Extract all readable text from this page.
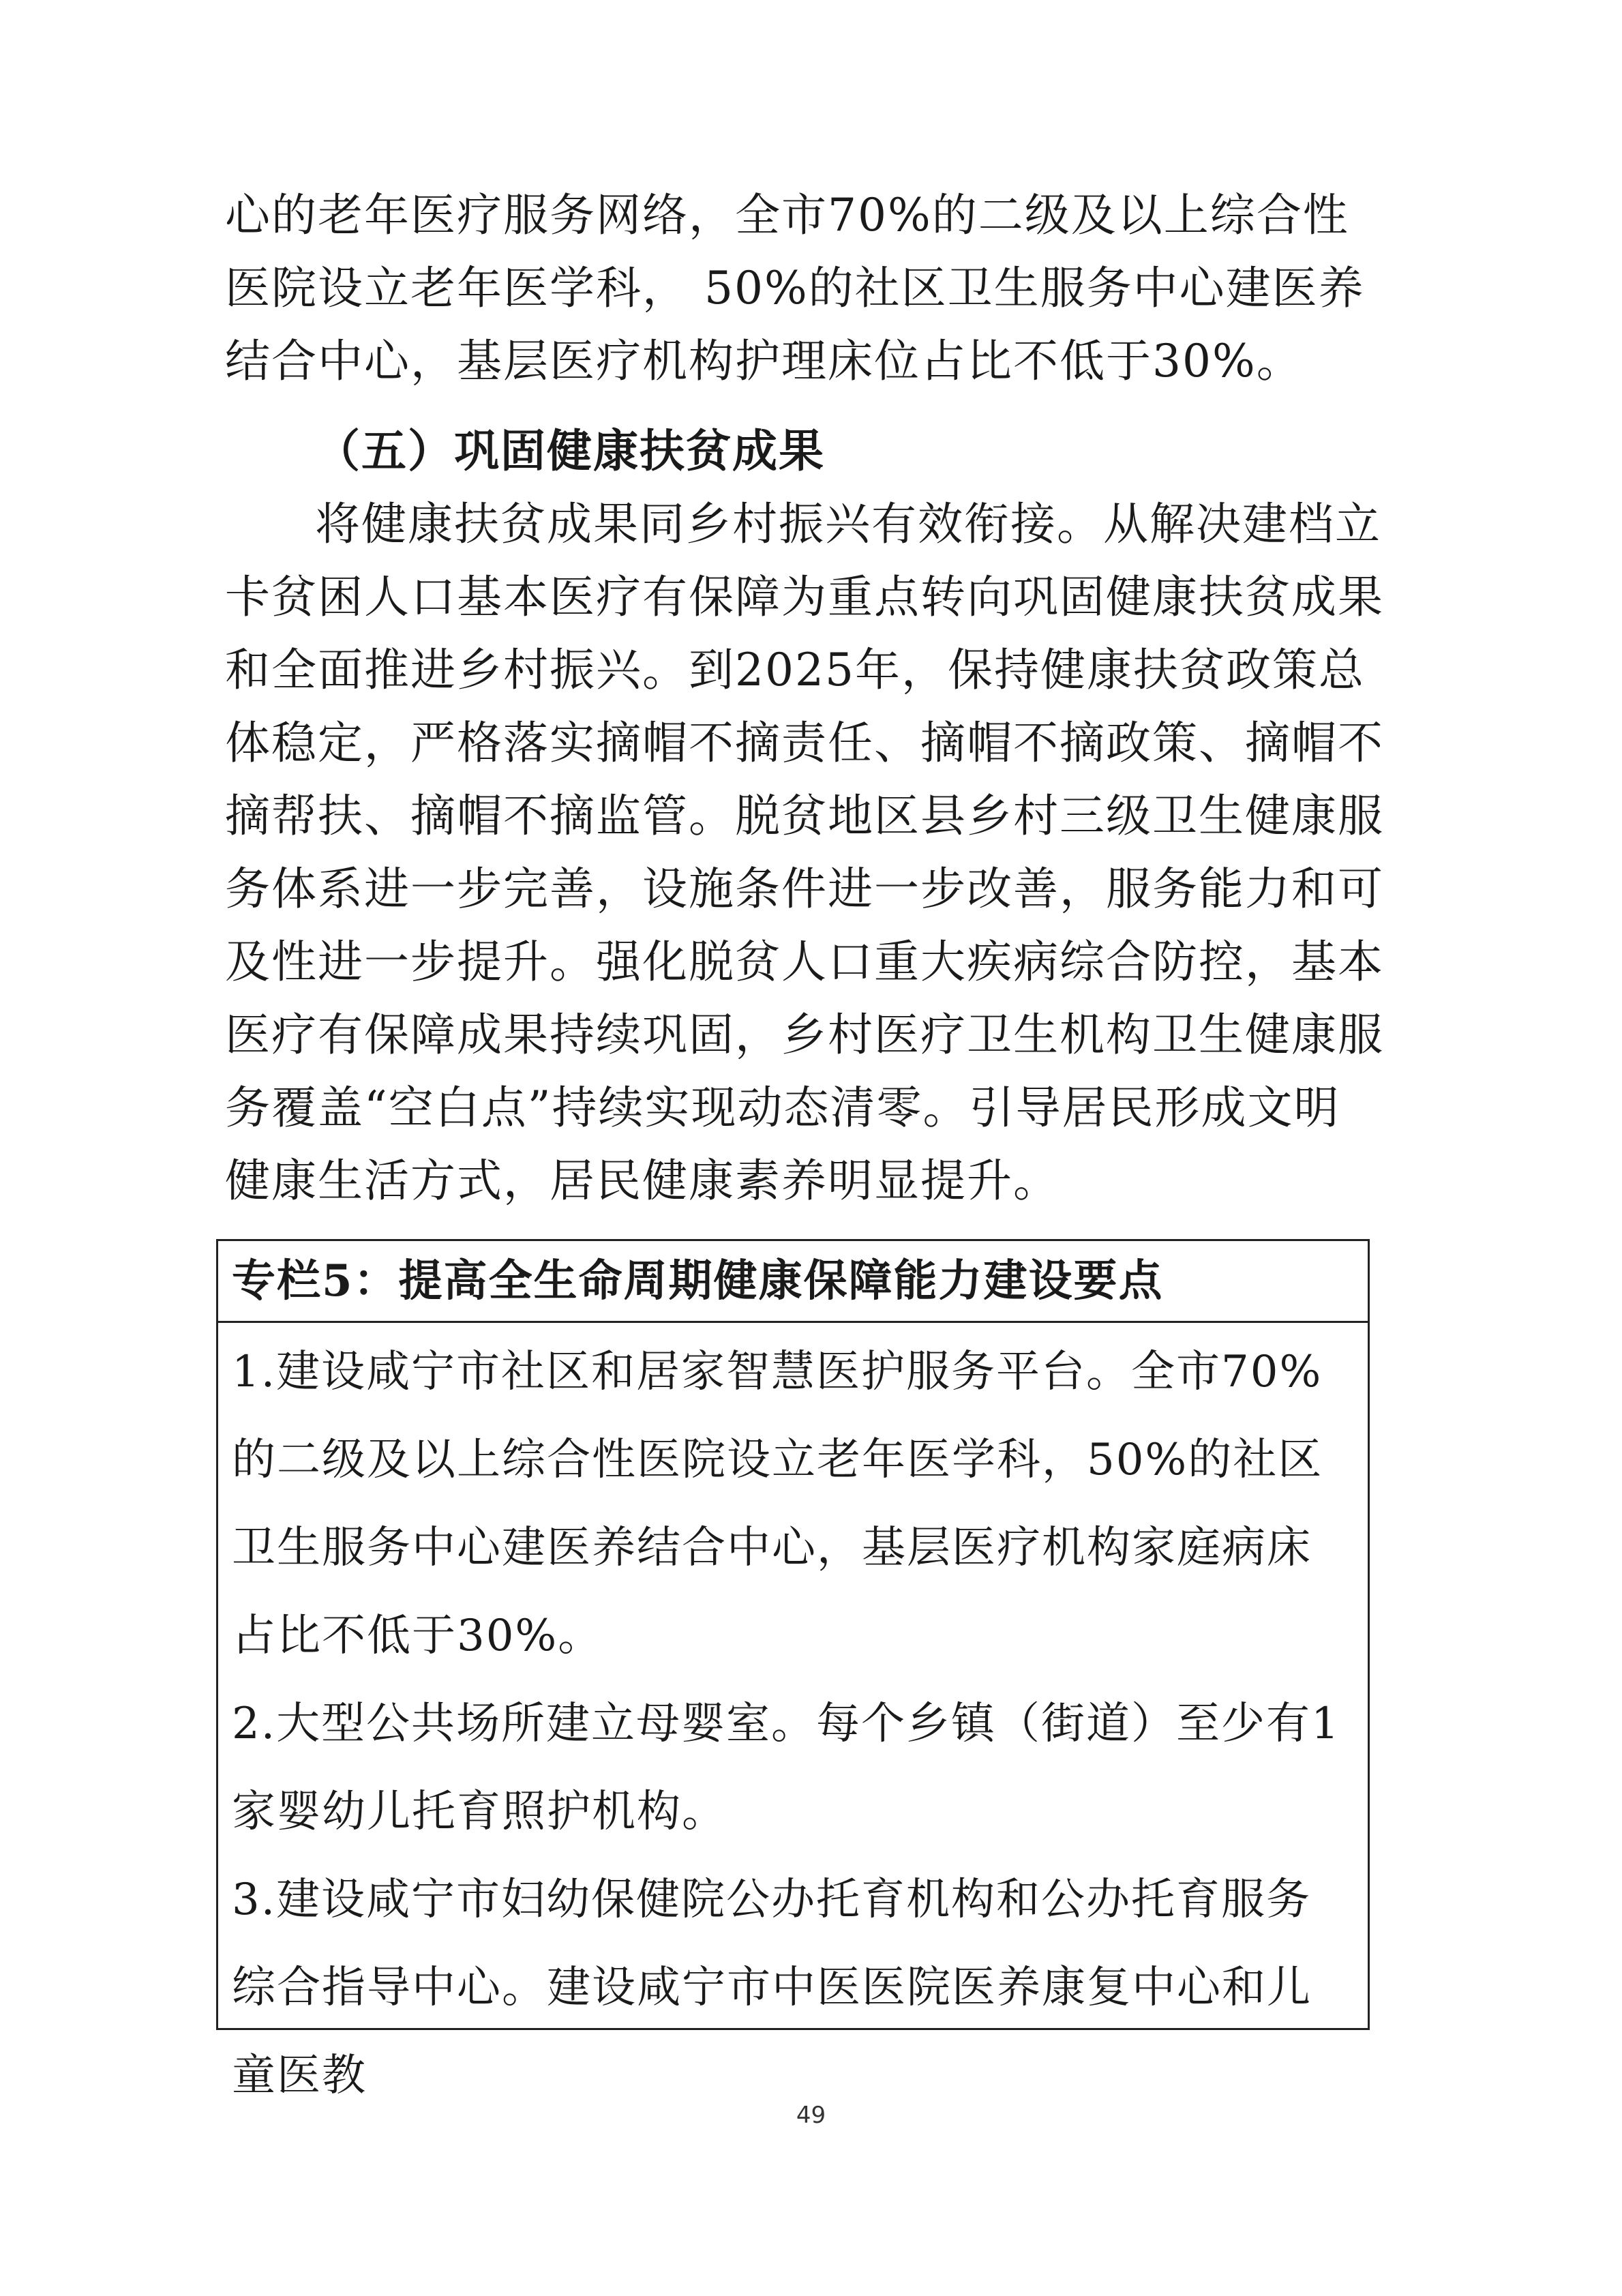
心的老年医疗服务网络，全市70%的二级及以上综合性医院设立老年医学科， 50%的社区卫生服务中心建医养结合中心，基层医疗机构护理床位占比不低于30%。

（五）巩固健康扶贫成果

将健康扶贫成果同乡村振兴有效衔接。从解决建档立卡贫困人口基本医疗有保障为重点转向巩固健康扶贫成果和全面推进乡村振兴。到2025年，保持健康扶贫政策总体稳定，严格落实摘帽不摘责任、摘帽不摘政策、摘帽不摘帮扶、摘帽不摘监管。脱贫地区县乡村三级卫生健康服务体系进一步完善，设施条件进一步改善，服务能力和可及性进一步提升。强化脱贫人口重大疾病综合防控，基本医疗有保障成果持续巩固，乡村医疗卫生机构卫生健康服务覆盖“空白点”持续实现动态清零。引导居民形成文明健康生活方式，居民健康素养明显提升。

专栏5：提高全生命周期健康保障能力建设要点

1.建设咸宁市社区和居家智慧医护服务平台。全市70%的二级及以上综合性医院设立老年医学科，50%的社区卫生服务中心建医养结合中心，基层医疗机构家庭病床占比不低于30%。

2.大型公共场所建立母婴室。每个乡镇（街道）至少有1家婴幼儿托育照护机构。

3.建设咸宁市妇幼保健院公办托育机构和公办托育服务综合指导中心。建设咸宁市中医医院医养康复中心和儿童医教

49
